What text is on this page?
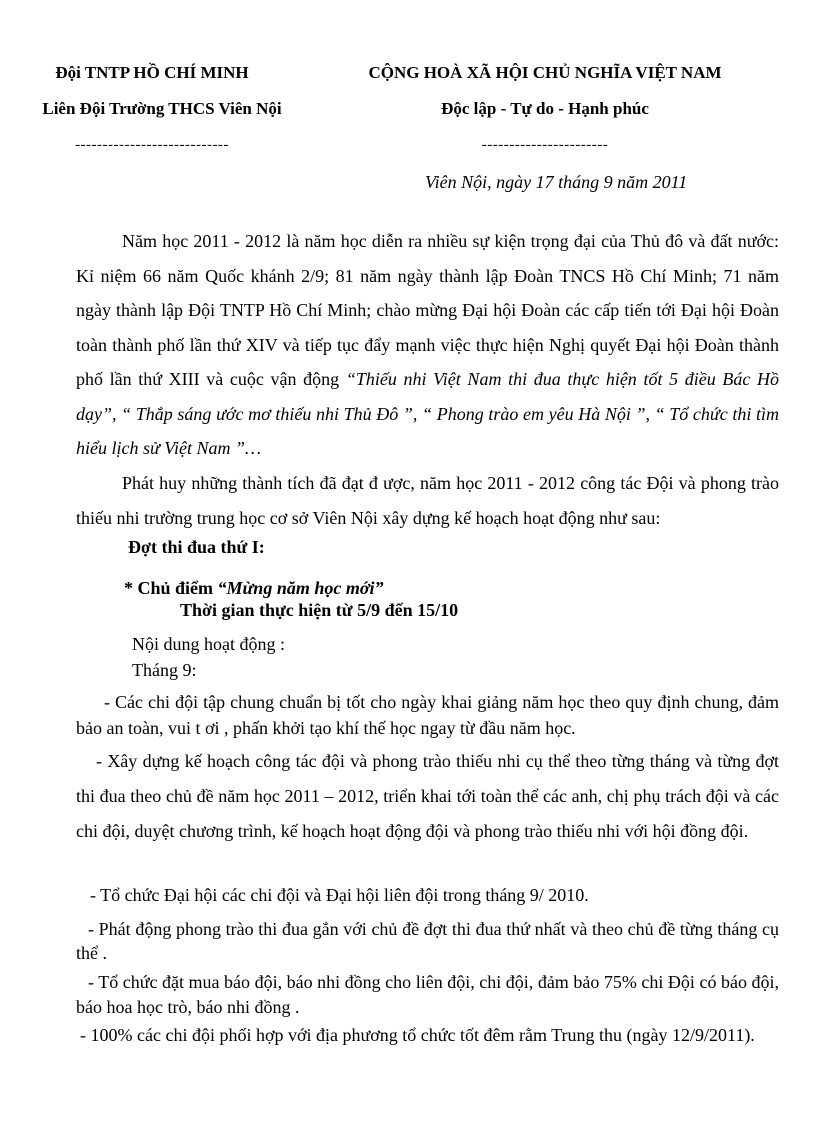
Đội TNTP HỒ CHÍ MINH
Liên Đội Trường THCS Viên Nội
----------------------------
CỘNG HOÀ XÃ HỘI CHỦ NGHĨA VIỆT NAM
Độc lập - Tự do - Hạnh phúc
-----------------------
Viên Nội, ngày 17 tháng 9 năm 2011

Năm học 2011 - 2012 là năm học diễn ra nhiều sự kiện trọng đại của Thủ đô và đất nước: Kỉ niệm 66 năm Quốc khánh 2/9; 81 năm ngày thành lập Đoàn TNCS Hồ Chí Minh; 71 năm ngày thành lập Đội TNTP Hồ Chí Minh; chào mừng Đại hội Đoàn các cấp tiến tới Đại hội Đoàn toàn thành phố lần thứ XIV và tiếp tục đẩy mạnh việc thực hiện Nghị quyết Đại hội Đoàn thành phố lần thứ XIII và cuộc vận động “Thiếu nhi Việt Nam thi đua thực hiện tốt 5 điều Bác Hồ dạy”, “ Thắp sáng ước mơ thiếu nhi Thủ Đô ”, “ Phong trào em yêu Hà Nội ”, “ Tổ chức thi tìm hiểu lịch sử Việt Nam ”…

Phát huy những thành tích đã đạt đ ược, năm học 2011 - 2012 công tác Đội và phong trào thiếu nhi trường trung học cơ sở Viên Nội xây dựng kế hoạch hoạt động như sau:

Đợt thi đua thứ I:
* Chủ điểm “Mừng năm học mới”
Thời gian thực hiện từ 5/9 đến 15/10
Nội dung hoạt động :
Tháng 9:

- Các chi đội tập chung chuẩn bị tốt cho ngày khai giảng năm học theo quy định chung, đảm bảo an toàn, vui t ơi , phấn khởi tạo khí thế học ngay từ đầu năm học.

- Xây dựng kế hoạch công tác đội và phong trào thiếu nhi cụ thể theo từng tháng và từng đợt thi đua theo chủ đề năm học 2011 – 2012, triển khai tới toàn thể các anh, chị phụ trách đội và các chi đội, duyệt chương trình, kế hoạch hoạt động đội và phong trào thiếu nhi với hội đồng đội.

- Tổ chức Đại hội các chi đội và Đại hội liên đội trong tháng 9/ 2010.

- Phát động phong trào thi đua gắn với chủ đề đợt thi đua thứ nhất và theo chủ đề từng tháng cụ thể .

- Tổ chức đặt mua báo đội, báo nhi đồng cho liên đội, chi đội, đảm bảo 75% chi Đội có báo đội, báo hoa học trò, báo nhi đồng .

- 100% các chi đội phối hợp với địa phương tổ chức tốt đêm rằm Trung thu (ngày 12/9/2011).
